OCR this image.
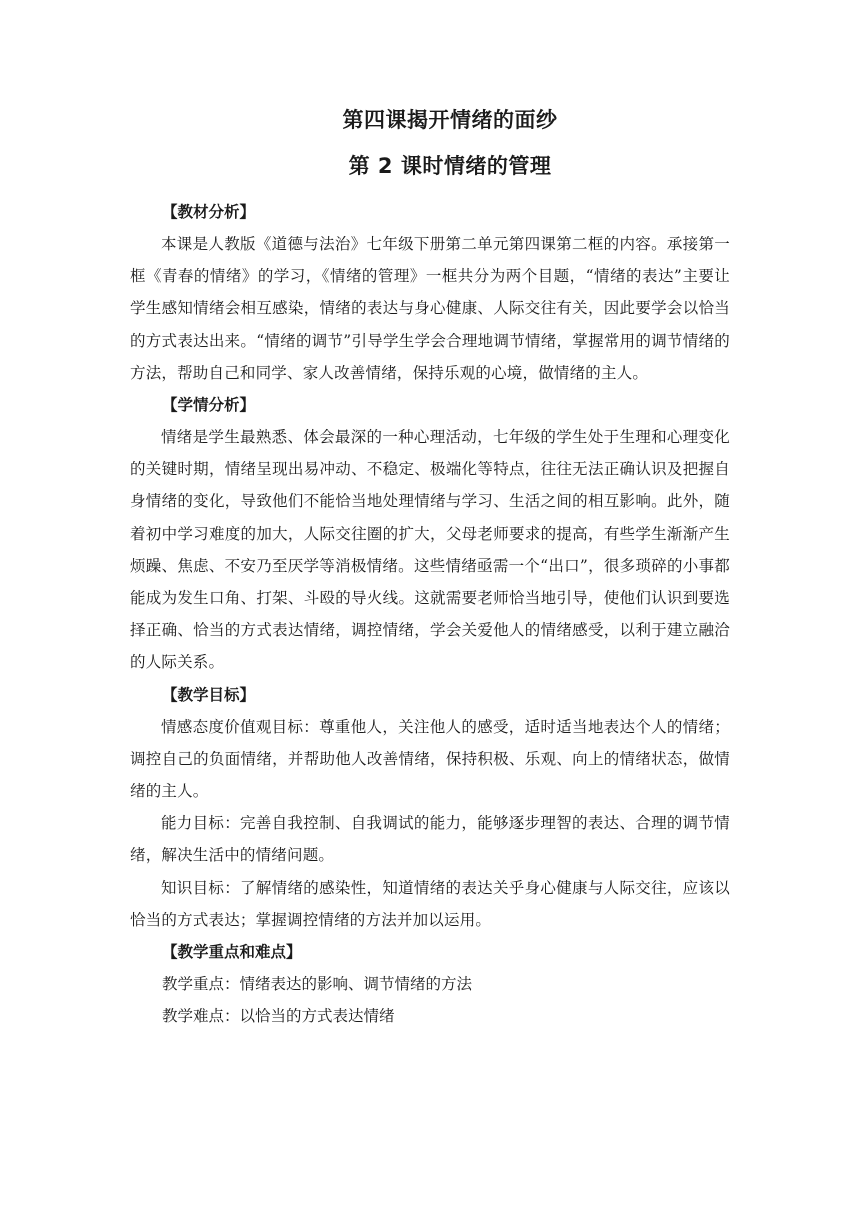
第四课揭开情绪的面纱
第 2 课时情绪的管理
【教材分析】

本课是人教版《道德与法治》七年级下册第二单元第四课第二框的内容。承接第一框《青春的情绪》的学习，《情绪的管理》一框共分为两个目题，“情绪的表达”主要让学生感知情绪会相互感染，情绪的表达与身心健康、人际交往有关，因此要学会以恰当的方式表达出来。“情绪的调节”引导学生学会合理地调节情绪，掌握常用的调节情绪的方法，帮助自己和同学、家人改善情绪，保持乐观的心境，做情绪的主人。

【学情分析】

情绪是学生最熟悉、体会最深的一种心理活动，七年级的学生处于生理和心理变化的关键时期，情绪呈现出易冲动、不稳定、极端化等特点，往往无法正确认识及把握自身情绪的变化，导致他们不能恰当地处理情绪与学习、生活之间的相互影响。此外，随着初中学习难度的加大，人际交往圈的扩大，父母老师要求的提高，有些学生渐渐产生烦躁、焦虑、不安乃至厌学等消极情绪。这些情绪亟需一个“出口”，很多琐碎的小事都能成为发生口角、打架、斗殴的导火线。这就需要老师恰当地引导，使他们认识到要选择正确、恰当的方式表达情绪，调控情绪，学会关爱他人的情绪感受，以利于建立融洽的人际关系。

【教学目标】

情感态度价值观目标：尊重他人，关注他人的感受，适时适当地表达个人的情绪；调控自己的负面情绪，并帮助他人改善情绪，保持积极、乐观、向上的情绪状态，做情绪的主人。

能力目标：完善自我控制、自我调试的能力，能够逐步理智的表达、合理的调节情绪，解决生活中的情绪问题。

知识目标：了解情绪的感染性，知道情绪的表达关乎身心健康与人际交往，应该以恰当的方式表达；掌握调控情绪的方法并加以运用。

【教学重点和难点】
教学重点：情绪表达的影响、调节情绪的方法
教学难点：以恰当的方式表达情绪
